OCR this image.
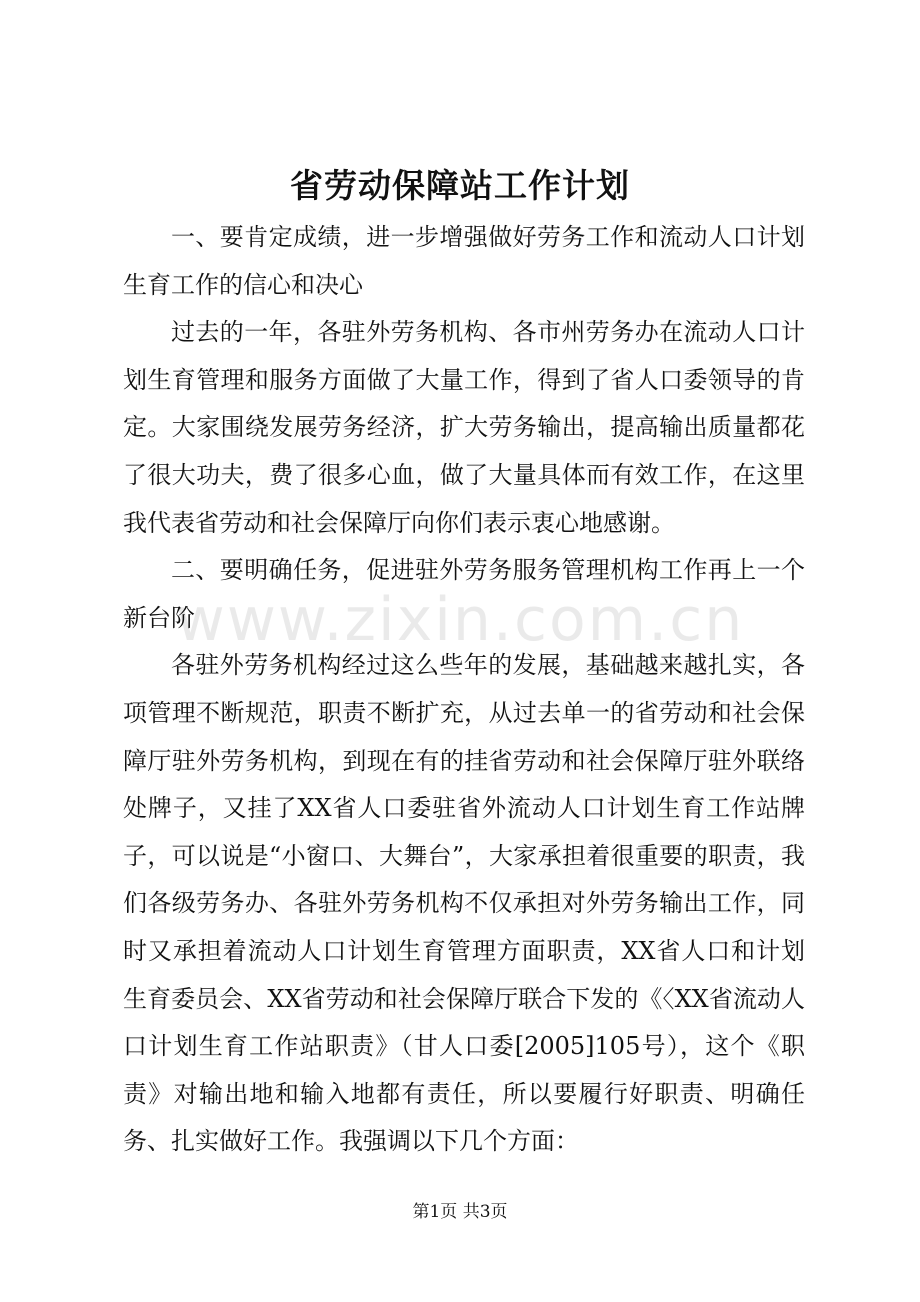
省劳动保障站工作计划
www.zixin.com.cn

一、要肯定成绩，进一步增强做好劳务工作和流动人口计划生育工作的信心和决心

过去的一年，各驻外劳务机构、各市州劳务办在流动人口计划生育管理和服务方面做了大量工作，得到了省人口委领导的肯定。大家围绕发展劳务经济，扩大劳务输出，提高输出质量都花了很大功夫，费了很多心血，做了大量具体而有效工作，在这里我代表省劳动和社会保障厅向你们表示衷心地感谢。

二、要明确任务，促进驻外劳务服务管理机构工作再上一个新台阶

各驻外劳务机构经过这么些年的发展，基础越来越扎实，各项管理不断规范，职责不断扩充，从过去单一的省劳动和社会保障厅驻外劳务机构，到现在有的挂省劳动和社会保障厅驻外联络处牌子，又挂了XX省人口委驻省外流动人口计划生育工作站牌子，可以说是“小窗口、大舞台”，大家承担着很重要的职责，我们各级劳务办、各驻外劳务机构不仅承担对外劳务输出工作，同时又承担着流动人口计划生育管理方面职责，XX省人口和计划生育委员会、XX省劳动和社会保障厅联合下发的《〈XX省流动人口计划生育工作站职责》（甘人口委[2005]105号），这个《职责》对输出地和输入地都有责任，所以要履行好职责、明确任务、扎实做好工作。我强调以下几个方面：

第1页 共3页
